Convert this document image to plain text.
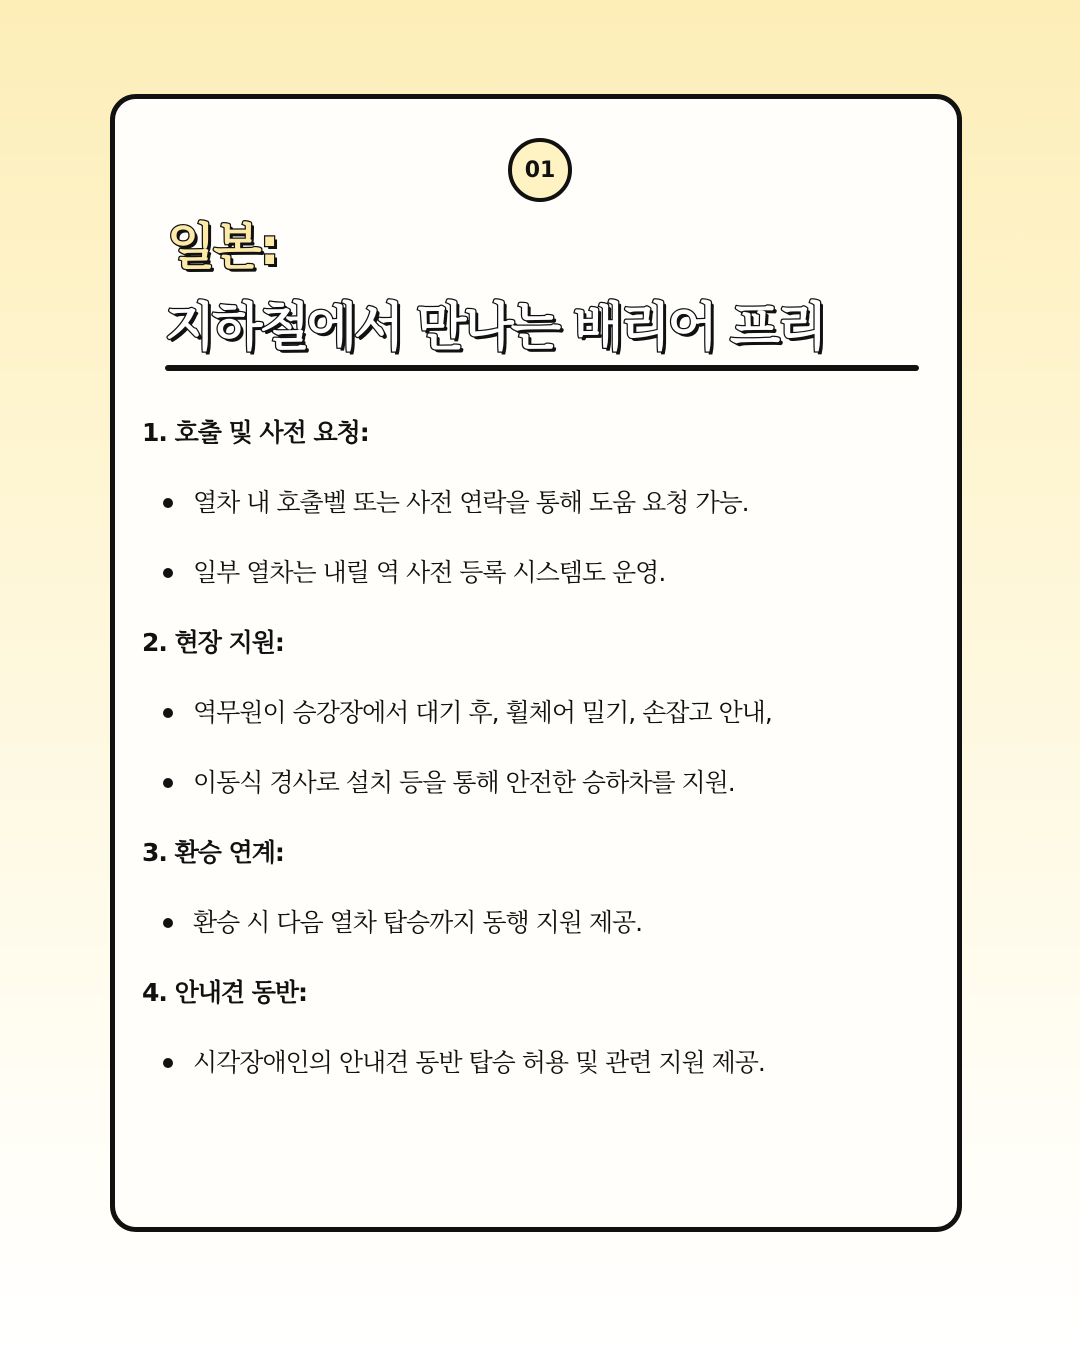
01
일본:
지하철에서 만나는 배리어 프리
1. 호출 및 사전 요청:
열차 내 호출벨 또는 사전 연락을 통해 도움 요청 가능.
일부 열차는 내릴 역 사전 등록 시스템도 운영.
2. 현장 지원:
역무원이 승강장에서 대기 후, 휠체어 밀기, 손잡고 안내,
이동식 경사로 설치 등을 통해 안전한 승하차를 지원.
3. 환승 연계:
환승 시 다음 열차 탑승까지 동행 지원 제공.
4. 안내견 동반:
시각장애인의 안내견 동반 탑승 허용 및 관련 지원 제공.
